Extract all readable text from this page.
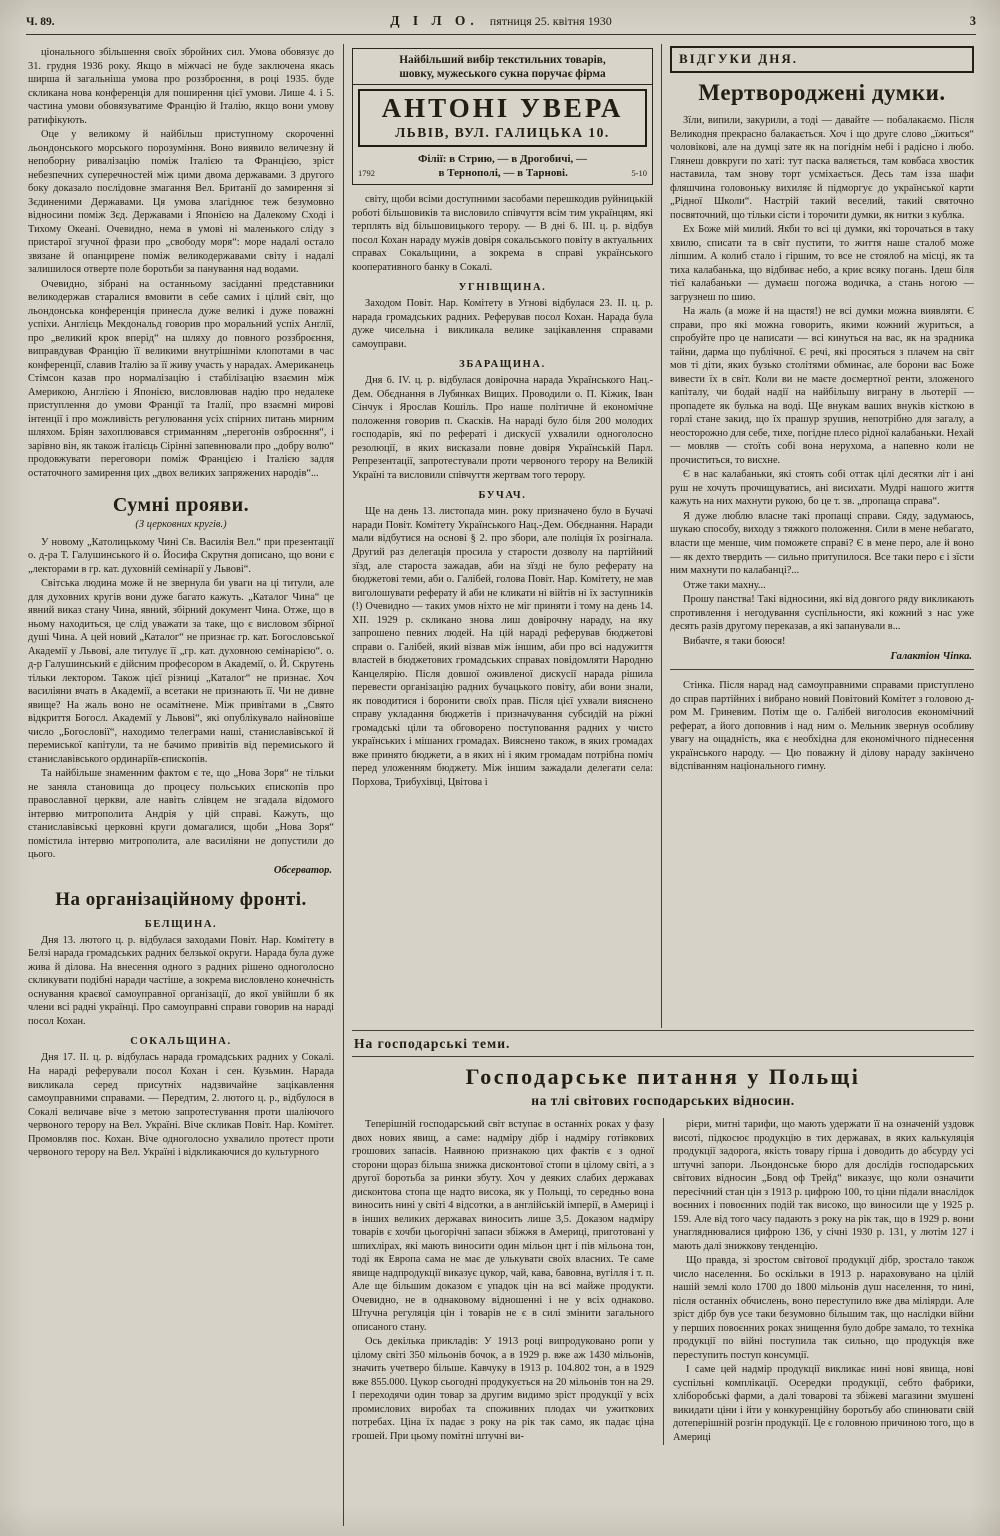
Ч. 89.	Д І Л О. пятниця 25. квітня 1930	3

ціонального збільшення своїх збройних сил. Умова обовязує до 31. грудня 1936 року. Якщо в міжчасі не буде заключена якась ширша й загальніша умова про роззброєння, в році 1935. буде скликана нова конференція для поширення цієї умови. Лише 4. і 5. частина умови обовязуватиме Францію й Італію, якщо вони умову ратифікують.

Оце у великому й найбільш приступному скороченні льондонського морського порозуміння. Воно виявило величезну й непоборну ривалізацію поміж Італією та Францією, зріст небезпечних суперечностей між цими двома державами. З другого боку доказало послідовне змагання Вел. Британії до замирення зі Зєдиненими Державами. Ця умова злагіднює теж безумовно відносини поміж Зєд. Державами і Японією на Далекому Сході і Тихому Океані. Очевидно, нема в умові ні маленького сліду з пристарої згучної фрази про „свободу моря“: море надалі остало звязане й опанцирене поміж великодержавами світу і надалі залишилося отверте поле боротьби за панування над водами.

Очевидно, зібрані на останньому засіданні представники великодержав старалися вмовити в себе самих і цілий світ, що льондонська конференція принесла дуже великі і дуже поважні успіхи. Англієць Мекдональд говорив про моральний успіх Англії, про „великий крок вперід“ на шляху до повного роззброєння, виправдував Францію її великими внутрішніми клопотами в час конференції, славив Італію за її живу участь у нарадах. Американець Стімсон казав про нормалізацію і стабілізацію взаємин між Америкою, Англією і Японією, висловлював надію про недалеке приступлення до умови Франції та Італії, про взаємні мирові інтенції і про можливість регулювання усіх спірних питань мирним шляхом. Бріян захоплювався стриманням „перегонів озброєння“, і зарівно він, як також італієць Сірінні запевнювали про „добру волю“ продовжувати переговори поміж Францією і Італією задля остаточного замирення цих „двох великих запряжених народів“...

Сумні прояви.
(З церковних кругів.)

У новому „Католицькому Чині Св. Василія Вел.“ при презентації о. д-ра Т. Галушинського й о. Йосифа Скрутня дописано, що вони є „лекторами в гр. кат. духовній семінарії у Львові“.

Світська людина може й не звернула би уваги на ці титули, але для духовних кругів вони дуже багато кажуть. „Каталог Чина“ це явний виказ стану Чина, явний, збірний документ Чина. Отже, що в ньому находиться, це слід уважати за таке, що є висловом збірної душі Чина. А цей новий „Каталог“ не признає гр. кат. Богословської Академії у Львові, але титулує її „гр. кат. духовною семінарією“. о. д-р Галушинський є дійсним професором в Академії, о. Й. Скрутень тільки лектором. Також цієї різниці „Каталог“ не признає. Хоч василіяни вчать в Академії, а всетаки не признають її. Чи не дивне явище? На жаль воно не осамітнене. Між привітами в „Свято відкриття Богосл. Академії у Львові“, які опублікувало найновіше число „Богословії“, находимо телеграми наші, станиславівської й перемиської капітули, та не бачимо привітів від перемиського й станиславівського ординаріїв-єпископів.

Та найбільше знаменним фактом є те, що „Нова Зоря“ не тільки не заняла становища до процесу польських єпископів про православної церкви, але навіть слівцем не згадала відомого інтервю митрополита Андрія у цій справі. Кажуть, що станиславівські церковні круги домагалися, щоби „Нова Зоря“ помістила інтервю митрополита, але василіяни не допустили до цього.

Обсерватор.
На організаційному фронті.
БЕЛЩИНА.

Дня 13. лютого ц. р. відбулася заходами Повіт. Нар. Комітету в Белзі нарада громадських радних белзької округи. Нарада була дуже жива й ділова. На внесення одного з радних рішено одноголосно скликувати подібні наради частіше, а зокрема висловлено конечність оснування краєвої самоуправної організації, до якої увійшли б як члени всі радні українці. Про самоуправні справи говорив на нараді посол Кохан.

СОКАЛЬЩИНА.

Дня 17. II. ц. р. відбулась нарада громадських радних у Сокалі. На нараді реферували посол Кохан і сен. Кузьмин. Нарада викликала серед присутніх надзвичайне зацікавлення самоуправними справами. — Передтим, 2. лютого ц. р., відбулося в Сокалі величаве віче з метою запротестування проти шаліючого червоного терору на Вел. Україні. Віче скликав Повіт. Нар. Комітет. Промовляв пос. Кохан. Віче одноголосно ухвалило протест проти червоного терору на Вел. Україні і відкликаючися до культурного

Найбільший вибір текстильних товарів,
шовку, мужеського сукна поручає фірма
АНТОНІ УВЕРА
ЛЬВІВ, ВУЛ. ГАЛИЦЬКА 10.
Філії: в Стрию, — в Дрогобичі, —
1792	в Тернополі, — в Тарнові.	5-10

світу, щоби всіми доступними засобами перешкодив руйницькій роботі більшовиків та висловило співчуття всім тим українцям, які терплять від більшовицького терору. — В дні 6. III. ц. р. відбув посол Кохан нараду мужів довіря сокальського повіту в актуальних справах Сокальщини, а зокрема в справі українського кооперативного банку в Сокалі.

УГНІВЩИНА.

Заходом Повіт. Нар. Комітету в Угнові відбулася 23. II. ц. р. нарада громадських радних. Реферував посол Кохан. Нарада була дуже чисельна і викликала велике зацікавлення справами самоуправи.

ЗБАРАЩИНА.

Дня 6. IV. ц. р. відбулася довірочна нарада Українського Нац.-Дем. Обєднання в Лубянках Вищих. Проводили о. П. Кіжик, Іван Сінчук і Ярослав Кошіль. Про наше політичне й економічне положення говорив п. Скасків. На нараді було біля 200 молодих господарів, які по рефераті і дискусії ухвалили одноголосно резолюції, в яких висказали повне довіря Українській Парл. Репрезентації, запротестували проти червоного терору на Великій Україні та висловили співчуття жертвам того терору.

БУЧАЧ.

Ще на день 13. листопада мин. року призначено було в Бучачі наради Повіт. Комітету Українського Нац.-Дем. Обєднання. Наради мали відбутися на основі § 2. про збори, але поліція їх розігнала. Другий раз делегація просила у старости дозволу на партійний зїзд, але староста зажадав, аби на зїзді не було реферату на бюджетові теми, аби о. Галібей, голова Повіт. Нар. Комітету, не мав виголошувати реферату й аби не кликати ні війтів ні їх заступників (!) Очевидно — таких умов ніхто не міг приняти і тому на день 14. XII. 1929 р. скликано знова лиш довірочну нараду, на яку запрошено певних людей. На цій нараді реферував бюджетові справи о. Галібей, який візвав між іншим, аби про всі надужиття властей в бюджетових громадських справах повідомляти Народню Канцелярію. Після довшої оживленої дискусії нарада рішила перевести організацію радних бучацького повіту, аби вони знали, як поводитися і боронити своїх прав. Після цієї ухвали вияснено справу укладання бюджетів і призначування субсидій на ріжні громадські ціли та обговорено поступовання радних у чисто українських і мішаних громадах. Вияснено також, в яких громадах вже принято бюджети, а в яких ні і яким громадам потрібна поміч перед уложенням бюджету. Між іншим зажадали делегати села: Порхова, Трибухівці, Цвітова і

ВІДГУКИ ДНЯ.
Мертвороджені думки.

Зїли, випили, закурили, а тоді — давайте — побалакаємо. Після Великодня прекрасно балакається. Хоч і що друге слово „їжиться“ чоловікові, але на думці зате як на погіднім небі і радісно і любо. Глянеш довкруги по хаті: тут паска валяється, там ковбаса хвостик наставила, там знову торт усміхається. Десь там ізза шафи фляшчина головоньку вихиляє й підморгує до української карти „Рідної Школи“. Настрій такий веселий, такий святочно посвяточний, що тільки сісти і торочити думки, як нитки з кублка.

Ех Боже мій милий. Якби то всі ці думки, які торочаться в таку хвилю, списати та в світ пустити, то життя наше сталоб може ліпшим. А колиб стало і гіршим, то все не стоялоб на місці, як та тиха калабанька, що відбиває небо, а криє всяку погань. Ідеш біля тієї калабаньки — думаєш погожа водичка, а стань ногою — загрузнеш по шию.

На жаль (а може й на щастя!) не всі думки можна виявляти. Є справи, про які можна говорить, якими кожний журиться, а спробуйте про це написати — всі кинуться на вас, як на зрадника тайни, дарма що публічної. Є речі, які просяться з плачем на світ мов ті діти, яких бузько столітями обминає, але борони вас Боже вивести їх в світ. Коли ви не маєте досмертної ренти, зложеного капіталу, чи бодай надії на найбільшу виграну в льотерії — пропадете як булька на воді. Ще внукам ваших внуків кісткою в горлі стане закид, що їх прашур зрушив, непотрібно для загалу, а неосторожно для себе, тихе, погідне плесо рідної калабаньки. Нехай — мовляв — стоїть собі вона нерухома, а напевно коли не прочиститься, то висхне.

Є в нас калабаньки, які стоять собі оттак цілі десятки літ і ані руш не хочуть прочищуватись, ані висихати. Мудрі нашого життя кажуть на них махнути рукою, бо це т. зв. „пропаща справа“.

Я дуже люблю власне такі пропащі справи. Сяду, задумаюсь, шукаю способу, виходу з тяжкого положення. Сили в мене небагато, власти ще менше, чим поможете справі? Є в мене перо, але й воно — як дехто твердить — сильно притупилося. Все таки перо є і зїсти ним махнути по калабанці?...

Отже таки махну...

Прошу панства! Такі відносини, які від довгого ряду викликають спротивлення і негодування суспільности, які кожний з нас уже десять разів другому переказав, а які запанували в...

Вибачте, я таки боюся!

Галактіон Чіпка.

Стінка. Після нарад над самоуправними справами приступлено до справ партійних і вибрано новий Повітовий Комітет з головою д-ром М. Гриневим. Потім ще о. Галібей виголосив економічний реферат, а його доповнив і над ним о. Мельник звернув особливу увагу на ощадність, яка є необхідна для економічного піднесення українського народу. — Цю поважну й ділову нараду закінчено відспіванням національного гимну.

На господарські теми.
Господарське питання у Польщі
на тлі світових господарських відносин.

Теперішній господарський світ вступає в останніх роках у фазу двох нових явищ, а саме: надміру дібр і надміру готівкових грошових запасів. Наявною признакою цих фактів є з одної сторони щораз більша знижка дисконтової стопи в цілому світі, а з другої боротьба за ринки збуту. Хоч у деяких слабих державах дисконтова стопа ще надто висока, як у Польщі, то середньо вона виносить нині у світі 4 відсотки, а в англійській імперії, в Америці і в інших великих державах виносить лише 3,5. Доказом надміру товарів є хочби цьогорічні запаси збіжжя в Америці, приготовані у шпихлірах, які мають виносити один мільон цнт і пів мільона тон, тоді як Европа сама не має де улькувати своїх власних. Те саме явище надпродукції виказує цукор, чай, кава, бавовна, вугілля і т. п. Але ще більшим доказом є упадок цін на всі майже продукти. Очевидно, не в однаковому відношенні і не у всіх однаково. Штучна регуляція цін і товарів не є в силі змінити загального описаного стану.

Ось декілька прикладів: У 1913 році випродуковано ропи у цілому світі 350 мільонів бочок, а в 1929 р. вже аж 1430 мільонів, значить учетверо більше. Кавчуку в 1913 р. 104.802 тон, а в 1929 вже 855.000. Цукор сьогодні продукується на 20 мільонів тон на 29. І переходячи один товар за другим видимо зріст продукції у всіх промислових виробах та споживних плодах чи ужиткових потребах. Ціна їх падає з року на рік так само, як падає ціна грошей. При цьому помітні штучні ви-

рієри, митні тарифи, що мають удержати її на означеній уздовж висоті, підкосює продукцію в тих державах, в яких калькуляція продукції задорога, якість товару гірша і доводить до абсурду усі штучні запори. Льондонське бюро для дослідів господарських світових відносин „Бовд оф Трейд“ виказує, що коли означити пересічний стан цін з 1913 р. цифрою 100, то ціни підали внаслідок воєнних і повоєнних подій так високо, що виносили ще у 1925 р. 159. Але від того часу падають з року на рік так, що в 1929 р. вони унагляднювалися цифрою 136, у січні 1930 р. 131, у лютім 127 і мають далі знижкову тенденцію.

Що правда, зі зростом світової продукції дібр, зростало також число населення. Бо оскільки в 1913 р. нараховувано на цілій нашій землі коло 1700 до 1800 мільонів душ населення, то нині, після останніх обчислень, воно переступило вже два міліярди. Але зріст дібр був усе таки безумовно більшим так, що наслідки війни у перших повоєнних роках знищення було добре замало, то техніка продукції по війні поступила так сильно, що продукція вже переступить поступ консумції.

І саме цей надмір продукції викликає нині нові явища, нові суспільні комплікації. Осередки продукції, себто фабрики, хліборобські фарми, а далі товарові та збіжеві магазини змушені викидати ціни і йти у конкуренційну боротьбу або спинювати свій дотеперішній розгін продукції. Це є головною причиною того, що в Америці
